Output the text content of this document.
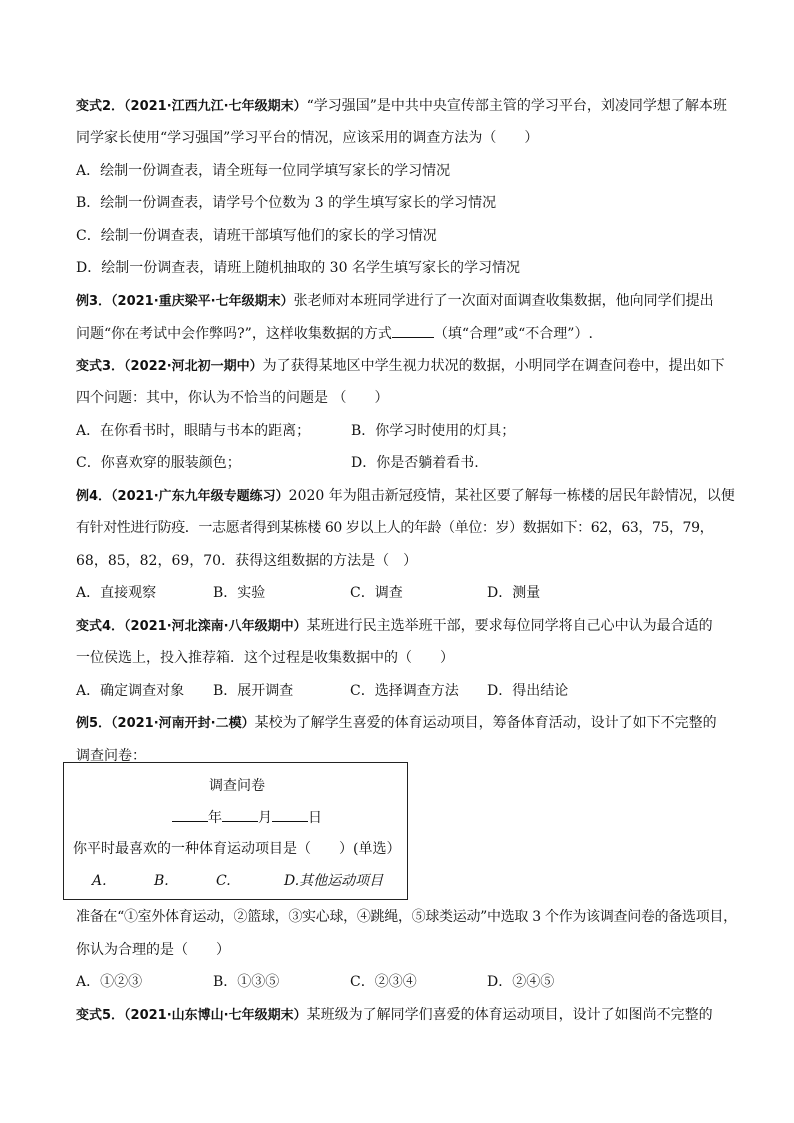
变式2．（2021·江西九江·七年级期末）“学习强国”是中共中央宣传部主管的学习平台，刘凌同学想了解本班
同学家长使用“学习强国”学习平台的情况，应该采用的调查方法为（　　）
A．绘制一份调查表，请全班每一位同学填写家长的学习情况
B．绘制一份调查表，请学号个位数为 3 的学生填写家长的学习情况
C．绘制一份调查表，请班干部填写他们的家长的学习情况
D．绘制一份调查表，请班上随机抽取的 30 名学生填写家长的学习情况
例3．（2021·重庆梁平·七年级期末）张老师对本班同学进行了一次面对面调查收集数据，他向同学们提出
问题“你在考试中会作弊吗?”，这样收集数据的方式	（填“合理”或“不合理”）.
变式3．（2022·河北初一期中）为了获得某地区中学生视力状况的数据，小明同学在调查问卷中，提出如下
四个问题：其中，你认为不恰当的问题是 （　　）
A．在你看书时，眼睛与书本的距离；	B．你学习时使用的灯具；
C．你喜欢穿的服装颜色；	D．你是否躺着看书.
例4．（2021·广东九年级专题练习）2020 年为阻击新冠疫情，某社区要了解每一栋楼的居民年龄情况，以便
有针对性进行防疫．一志愿者得到某栋楼 60 岁以上人的年龄（单位：岁）数据如下：62，63，75，79，
68，85，82，69，70．获得这组数据的方法是（　）
A．直接观察	B．实验	C．调查	D．测量
变式4．（2021·河北滦南·八年级期中）某班进行民主选举班干部，要求每位同学将自己心中认为最合适的
一位侯选上，投入推荐箱．这个过程是收集数据中的（　　）
A．确定调查对象	B．展开调查	C．选择调查方法	D．得出结论
例5．（2021·河南开封·二模）某校为了解学生喜爱的体育运动项目，筹备体育活动，设计了如下不完整的
调查问卷：
调查问卷
年	月	日
你平时最喜欢的一种体育运动项目是（　　）(单选）
A.	B.	C.	D.其他运动项目
准备在“①室外体育运动，②篮球，③实心球，④跳绳，⑤球类运动”中选取 3 个作为该调查问卷的备选项目，
你认为合理的是（　　）
A．①②③	B．①③⑤	C．②③④	D．②④⑤
变式5．（2021·山东博山·七年级期末）某班级为了解同学们喜爱的体育运动项目，设计了如图尚不完整的
